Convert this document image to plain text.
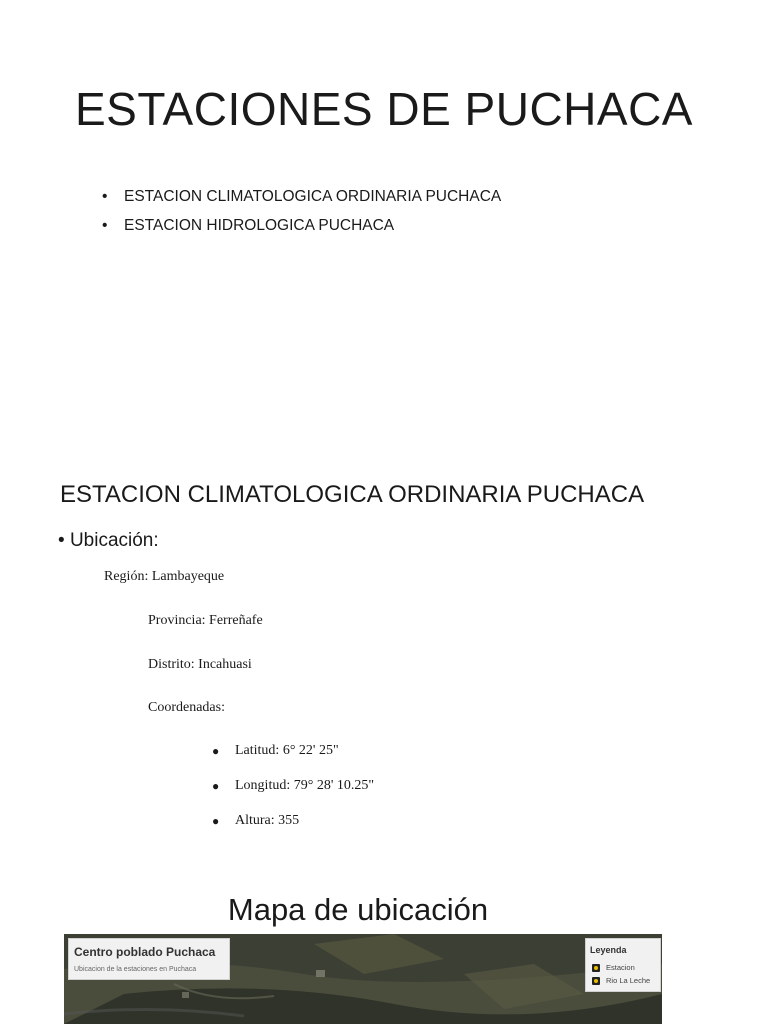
ESTACIONES DE PUCHACA
• ESTACION CLIMATOLOGICA ORDINARIA PUCHACA
• ESTACION HIDROLOGICA PUCHACA
ESTACION CLIMATOLOGICA ORDINARIA PUCHACA
• Ubicación:
Región: Lambayeque
Provincia: Ferreñafe
Distrito: Incahuasi
Coordenadas:
● Latitud: 6° 22' 25"
● Longitud: 79° 28' 10.25"
● Altura: 355
Mapa de ubicación
Centro poblado Puchaca
Ubicacion de la estaciones en Puchaca
Leyenda
Estacion
Rio La Leche
